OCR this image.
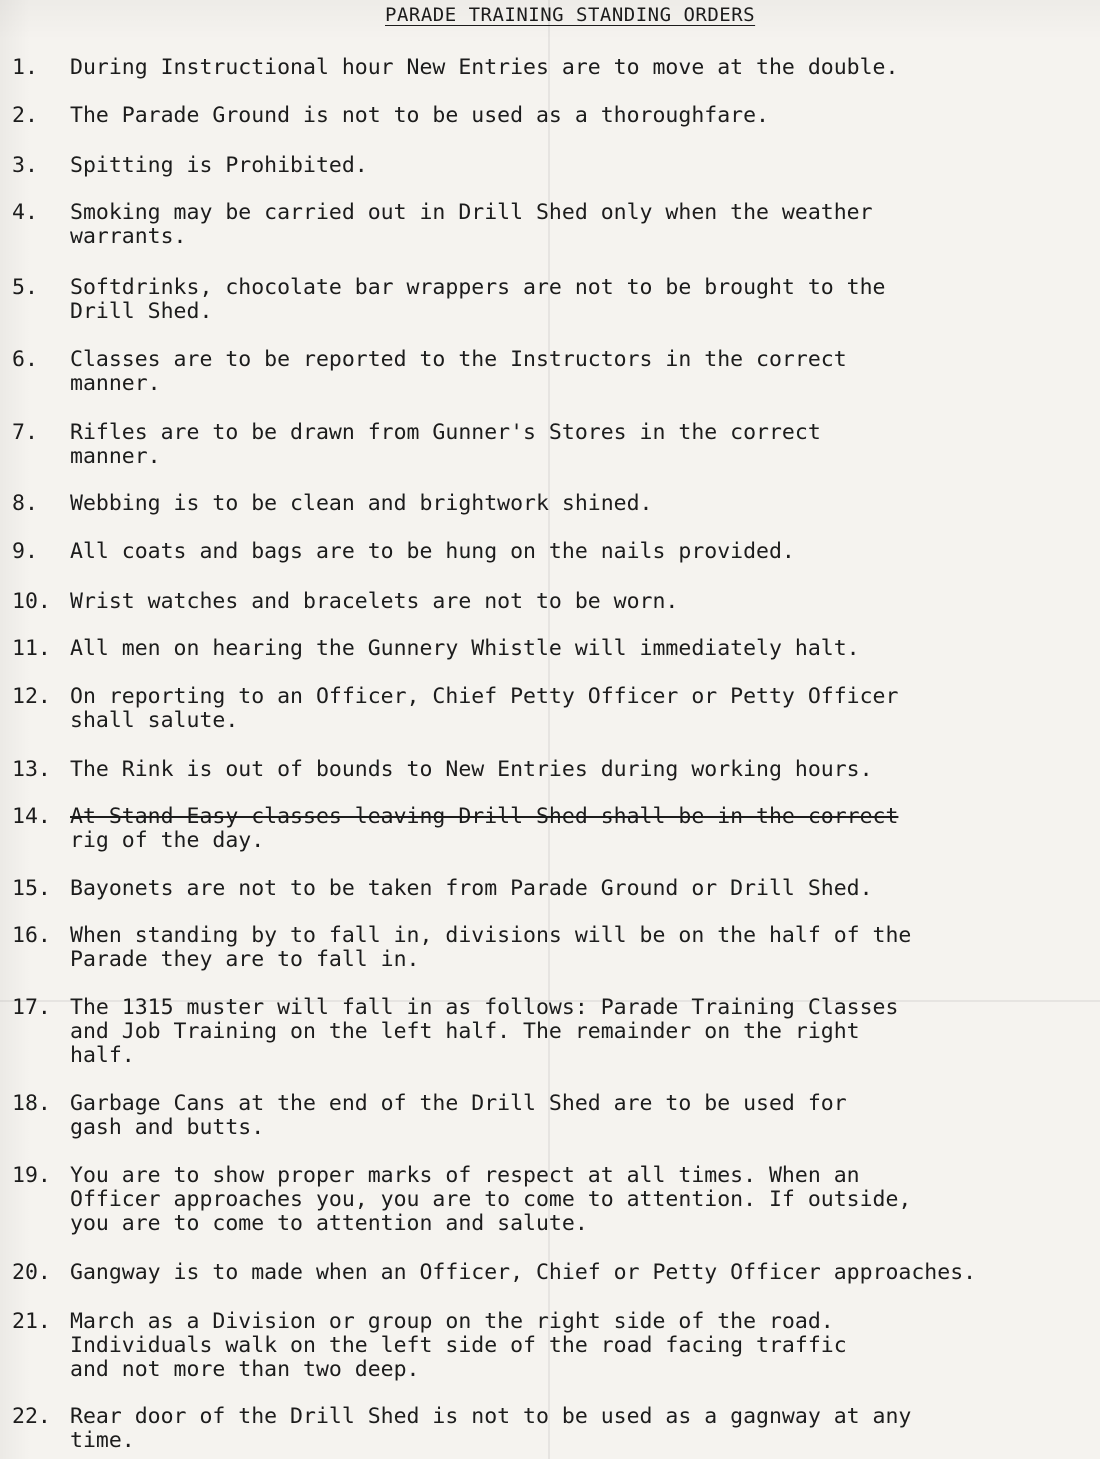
PARADE TRAINING STANDING ORDERS
1. During Instructional hour New Entries are to move at the double.
2. The Parade Ground is not to be used as a thoroughfare.
3. Spitting is Prohibited.
4. Smoking may be carried out in Drill Shed only when the weather
warrants.
5. Softdrinks, chocolate bar wrappers are not to be brought to the
Drill Shed.
6. Classes are to be reported to the Instructors in the correct
manner.
7. Rifles are to be drawn from Gunner's Stores in the correct
manner.
8. Webbing is to be clean and brightwork shined.
9. All coats and bags are to be hung on the nails provided.
10. Wrist watches and bracelets are not to be worn.
11. All men on hearing the Gunnery Whistle will immediately halt.
12. On reporting to an Officer, Chief Petty Officer or Petty Officer
shall salute.
13. The Rink is out of bounds to New Entries during working hours.
14. At Stand-Easy classes leaving Drill Shed shall be in the correct
rig of the day.
15. Bayonets are not to be taken from Parade Ground or Drill Shed.
16. When standing by to fall in, divisions will be on the half of the
Parade they are to fall in.
17. The 1315 muster will fall in as follows: Parade Training Classes
and Job Training on the left half. The remainder on the right
half.
18. Garbage Cans at the end of the Drill Shed are to be used for
gash and butts.
19. You are to show proper marks of respect at all times. When an
Officer approaches you, you are to come to attention. If outside,
you are to come to attention and salute.
20. Gangway is to made when an Officer, Chief or Petty Officer approaches.
21. March as a Division or group on the right side of the road.
Individuals walk on the left side of the road facing traffic
and not more than two deep.
22. Rear door of the Drill Shed is not to be used as a gagnway at any
time.
